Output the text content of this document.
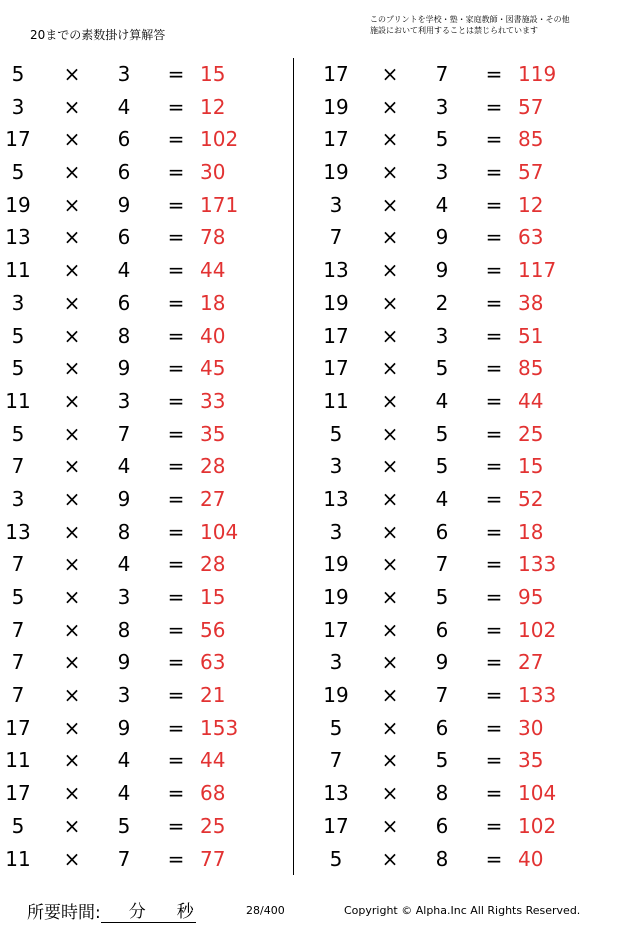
20までの素数掛け算解答
このプリントを学校・塾・家庭教師・図書施設・その他
施設において利用することは禁じられています
5	× 3 = 15
3	× 4 = 12
17 × 6 = 102
5	× 6 = 30
19 × 9 = 171
13 × 6 = 78
11 × 4 = 44
3	× 6 = 18
5	× 8 = 40
5	× 9 = 45
11 × 3 = 33
5	× 7 = 35
7	× 4 = 28
3	× 9 = 27
13 × 8 = 104
7	× 4 = 28
5	× 3 = 15
7	× 8 = 56
7	× 9 = 63
7	× 3 = 21
17 × 9 = 153
11 × 4 = 44
17 × 4 = 68
5	× 5 = 25
11 × 7 = 77
17 × 7 = 119
19 × 3 = 57
17 × 5 = 85
19 × 3 = 57
3	× 4 = 12
7	× 9 = 63
13 × 9 = 117
19 × 2 = 38
17 × 3 = 51
17 × 5 = 85
11 × 4 = 44
5	× 5 = 25
3	× 5 = 15
13 × 4 = 52
3	× 6 = 18
19 × 7 = 133
19 × 5 = 95
17 × 6 = 102
3	× 9 = 27
19 × 7 = 133
5	× 6 = 30
7	× 5 = 35
13 × 8 = 104
17 × 6 = 102
5	× 8 = 40
所要時間: 分 秒	28/400	Copyright © Alpha.Inc All Rights Reserved.
